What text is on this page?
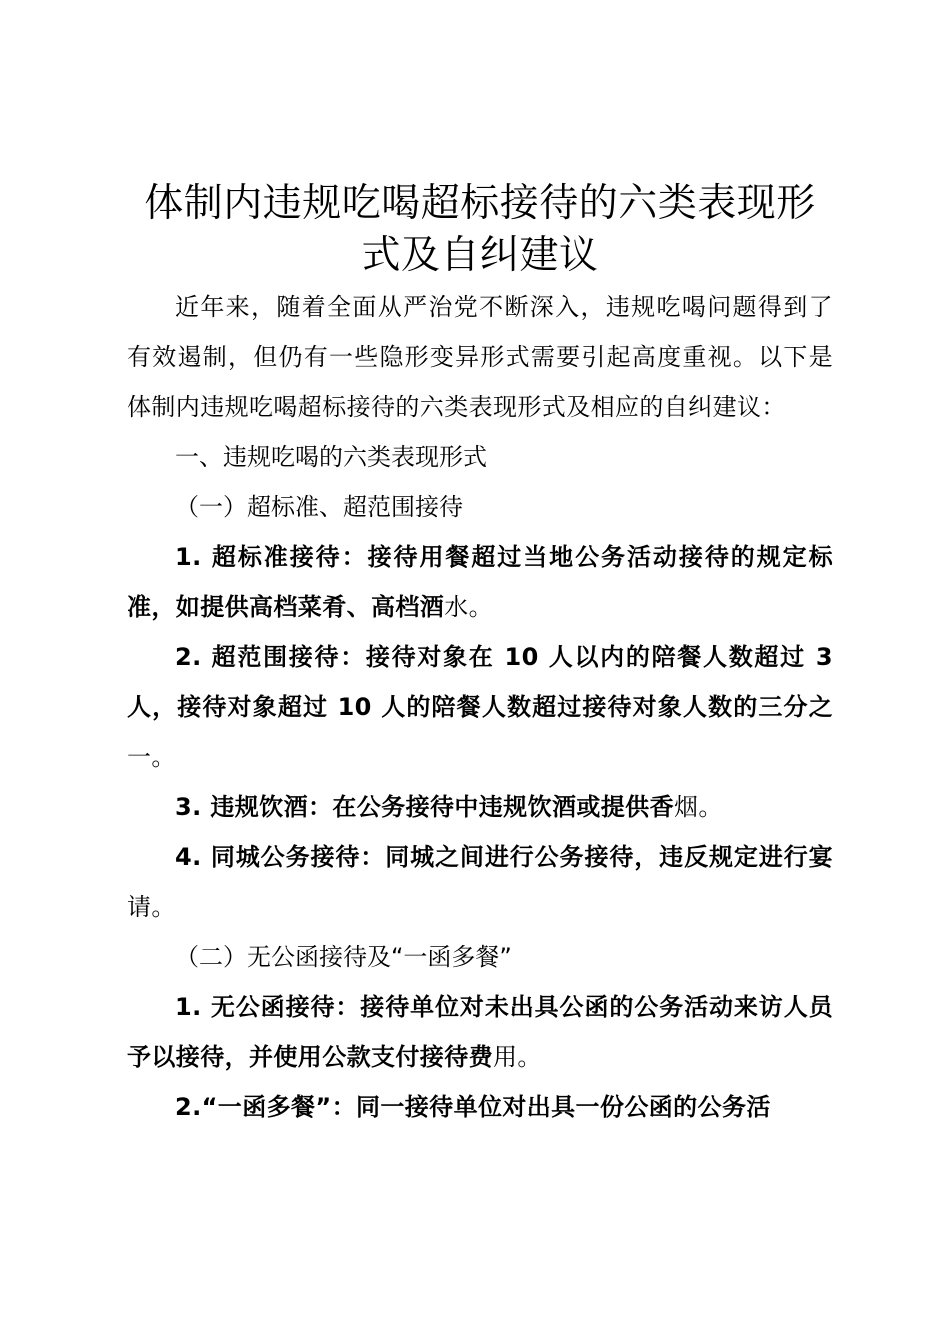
体制内违规吃喝超标接待的六类表现形式及自纠建议

近年来，随着全面从严治党不断深入，违规吃喝问题得到了有效遏制，但仍有一些隐形变异形式需要引起高度重视。以下是体制内违规吃喝超标接待的六类表现形式及相应的自纠建议：

一、违规吃喝的六类表现形式

（一）超标准、超范围接待

1. 超标准接待：接待用餐超过当地公务活动接待的规定标准，如提供高档菜肴、高档酒水。

2. 超范围接待：接待对象在 10 人以内的陪餐人数超过 3 人，接待对象超过 10 人的陪餐人数超过接待对象人数的三分之一。

3. 违规饮酒：在公务接待中违规饮酒或提供香烟。

4. 同城公务接待：同城之间进行公务接待，违反规定进行宴请。

（二）无公函接待及“一函多餐”

1. 无公函接待：接待单位对未出具公函的公务活动来访人员予以接待，并使用公款支付接待费用。

2.“一函多餐”：同一接待单位对出具一份公函的公务活
